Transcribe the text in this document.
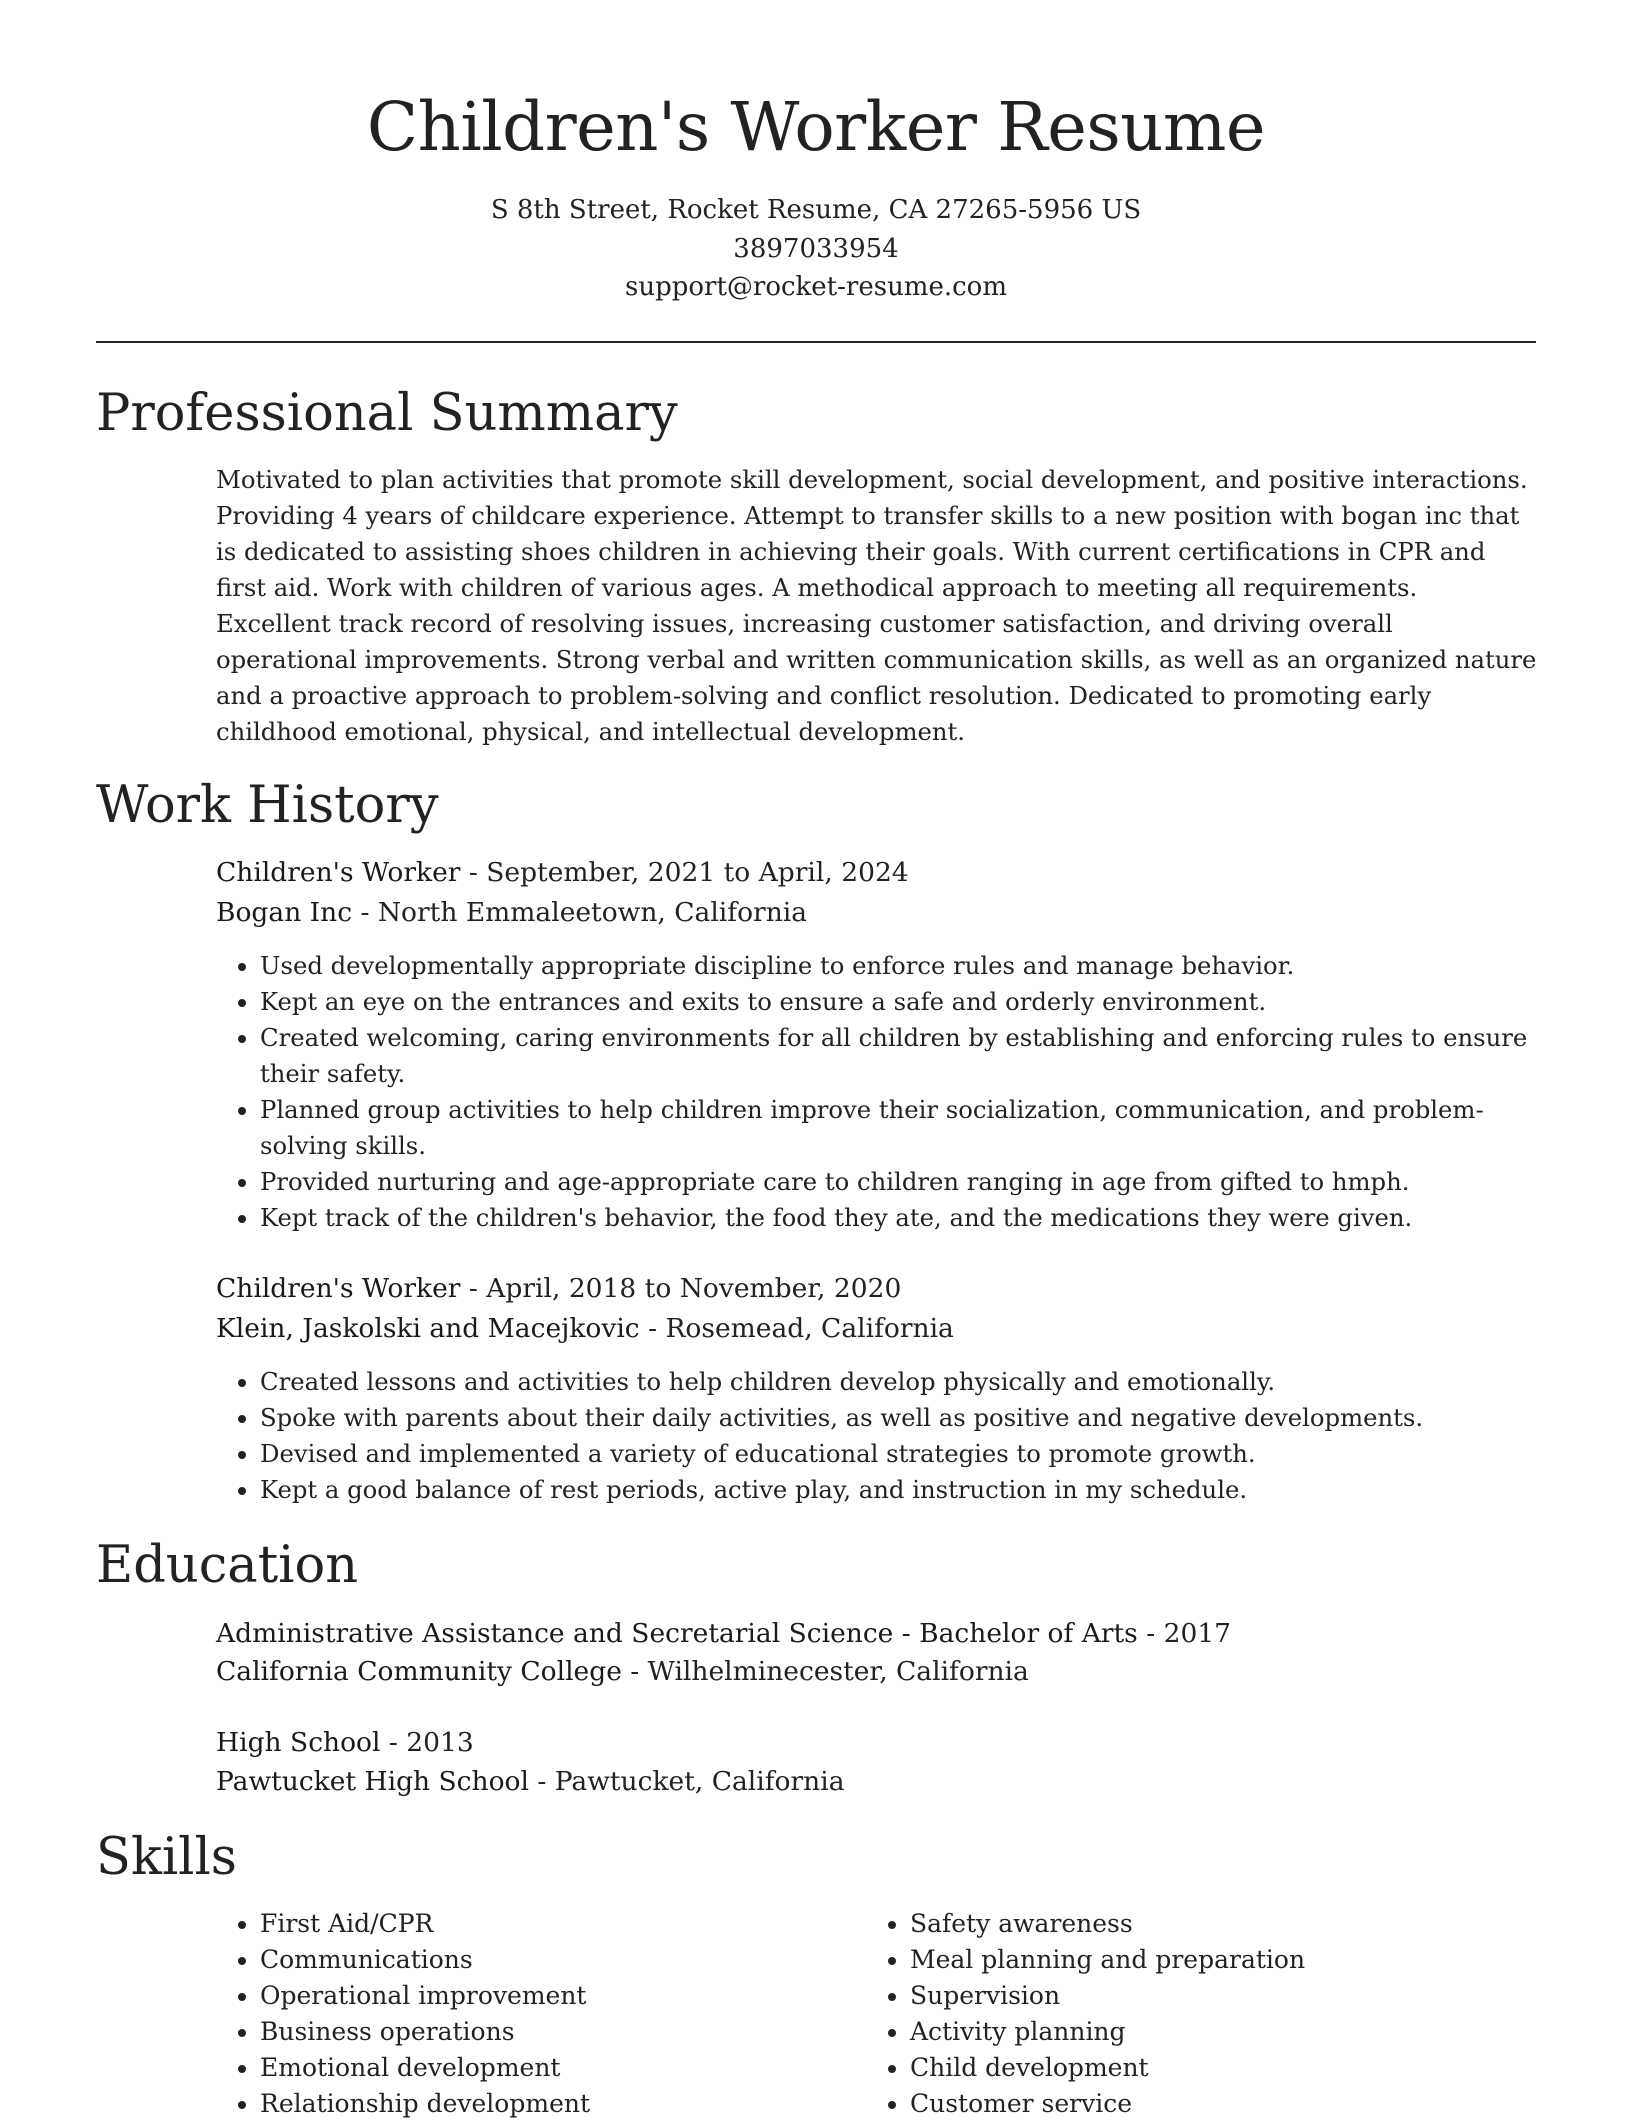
Children's Worker Resume
S 8th Street, Rocket Resume, CA 27265-5956 US
3897033954
support@rocket-resume.com
Professional Summary

Motivated to plan activities that promote skill development, social development, and positive interactions. Providing 4 years of childcare experience. Attempt to transfer skills to a new position with bogan inc that is dedicated to assisting shoes children in achieving their goals. With current certifications in CPR and first aid. Work with children of various ages. A methodical approach to meeting all requirements. Excellent track record of resolving issues, increasing customer satisfaction, and driving overall operational improvements. Strong verbal and written communication skills, as well as an organized nature and a proactive approach to problem-solving and conflict resolution. Dedicated to promoting early childhood emotional, physical, and intellectual development.

Work History
Children's Worker - September, 2021 to April, 2024
Bogan Inc - North Emmaleetown, California
• Used developmentally appropriate discipline to enforce rules and manage behavior.
• Kept an eye on the entrances and exits to ensure a safe and orderly environment.
• Created welcoming, caring environments for all children by establishing and enforcing rules to ensure their safety.
• Planned group activities to help children improve their socialization, communication, and problem-solving skills.
• Provided nurturing and age-appropriate care to children ranging in age from gifted to hmph.
• Kept track of the children's behavior, the food they ate, and the medications they were given.
Children's Worker - April, 2018 to November, 2020
Klein, Jaskolski and Macejkovic - Rosemead, California
• Created lessons and activities to help children develop physically and emotionally.
• Spoke with parents about their daily activities, as well as positive and negative developments.
• Devised and implemented a variety of educational strategies to promote growth.
• Kept a good balance of rest periods, active play, and instruction in my schedule.
Education
Administrative Assistance and Secretarial Science - Bachelor of Arts - 2017
California Community College - Wilhelminecester, California
High School - 2013
Pawtucket High School - Pawtucket, California
Skills
• First Aid/CPR
• Communications
• Operational improvement
• Business operations
• Emotional development
• Relationship development
• Safety awareness
• Meal planning and preparation
• Supervision
• Activity planning
• Child development
• Customer service
